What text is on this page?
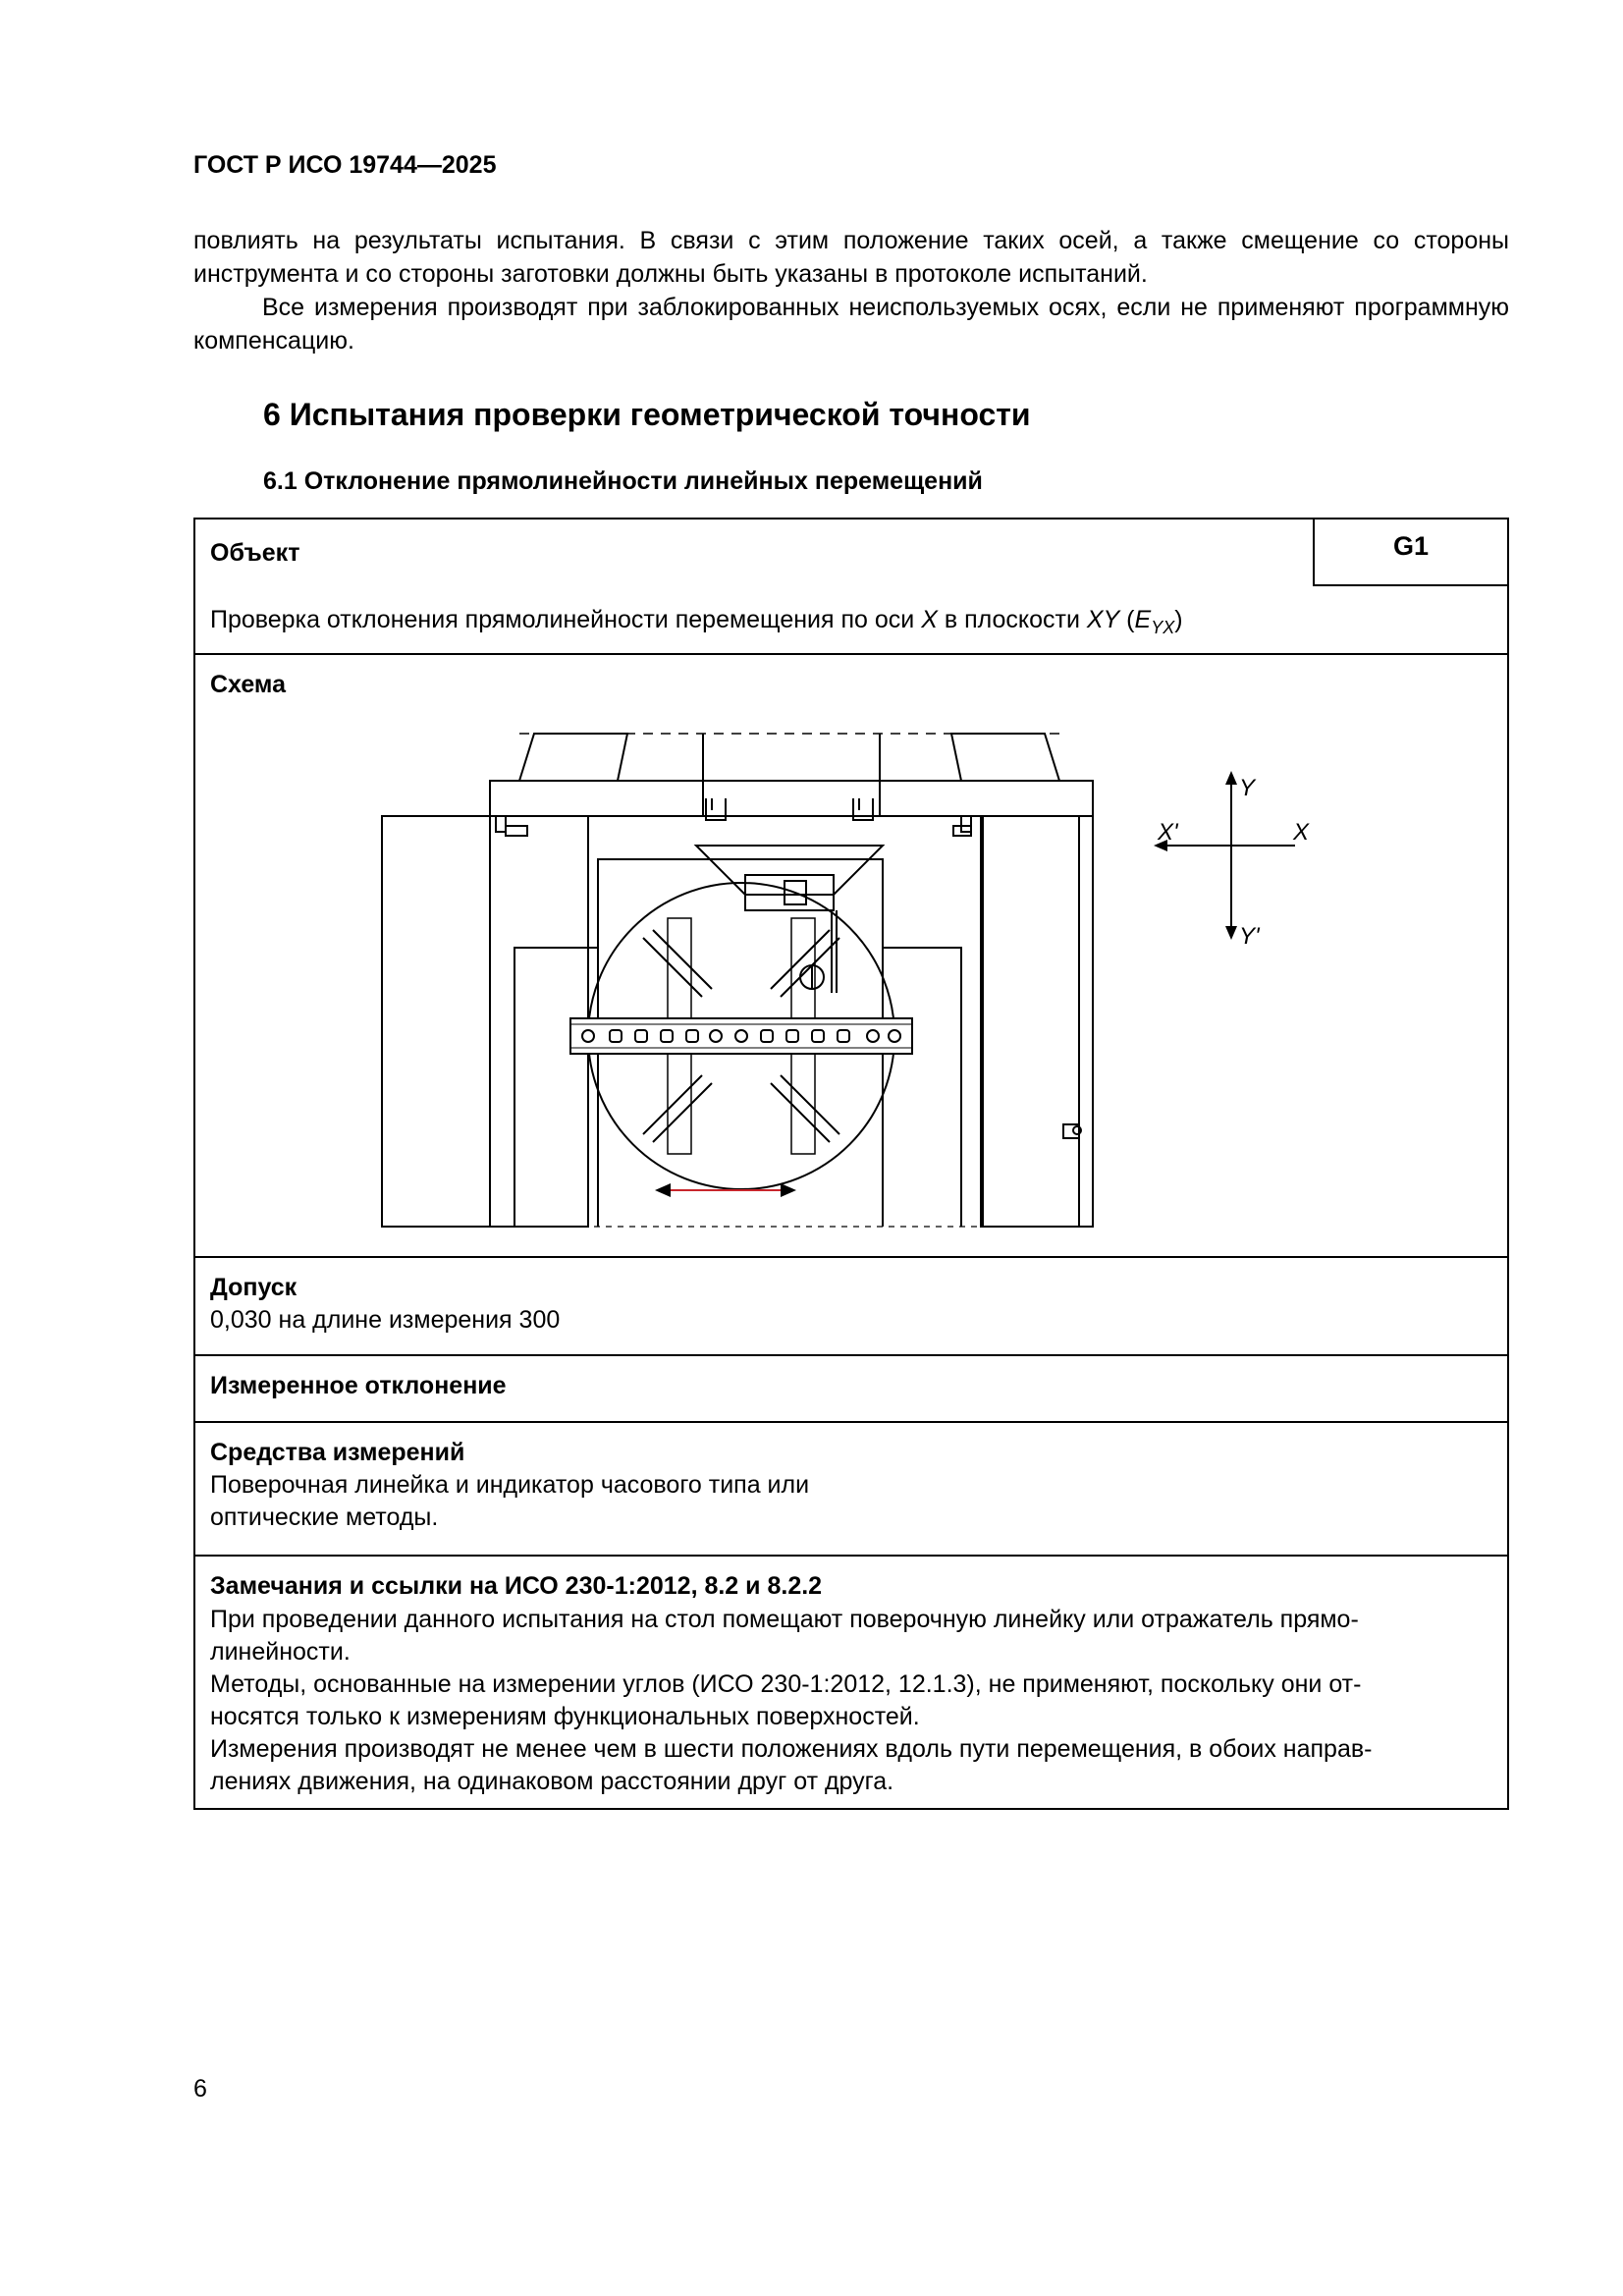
ГОСТ Р ИСО 19744—2025

повлиять на результаты испытания. В связи с этим положение таких осей, а также смещение со стороны инструмента и со стороны заготовки должны быть указаны в протоколе испытаний.

Все измерения производят при заблокированных неиспользуемых осях, если не применяют программную компенсацию.

6 Испытания проверки геометрической точности
6.1 Отклонение прямолинейности линейных перемещений
Объект	G1
Проверка отклонения прямолинейности перемещения по оси X в плоскости XY $(E_{YX})$
Схема
Y
Y'
X
X'
Допуск
0,030 на длине измерения 300
Измеренное отклонение
Средства измерений
Поверочная линейка и индикатор часового типа или
оптические методы.
Замечания и ссылки на ИСО 230-1:2012, 8.2 и 8.2.2
При проведении данного испытания на стол помещают поверочную линейку или отражатель прямо-
линейности.
Методы, основанные на измерении углов (ИСО 230-1:2012, 12.1.3), не применяют, поскольку они от-
носятся только к измерениям функциональных поверхностей.
Измерения производят не менее чем в шести положениях вдоль пути перемещения, в обоих направ-
лениях движения, на одинаковом расстоянии друг от друга.
6
